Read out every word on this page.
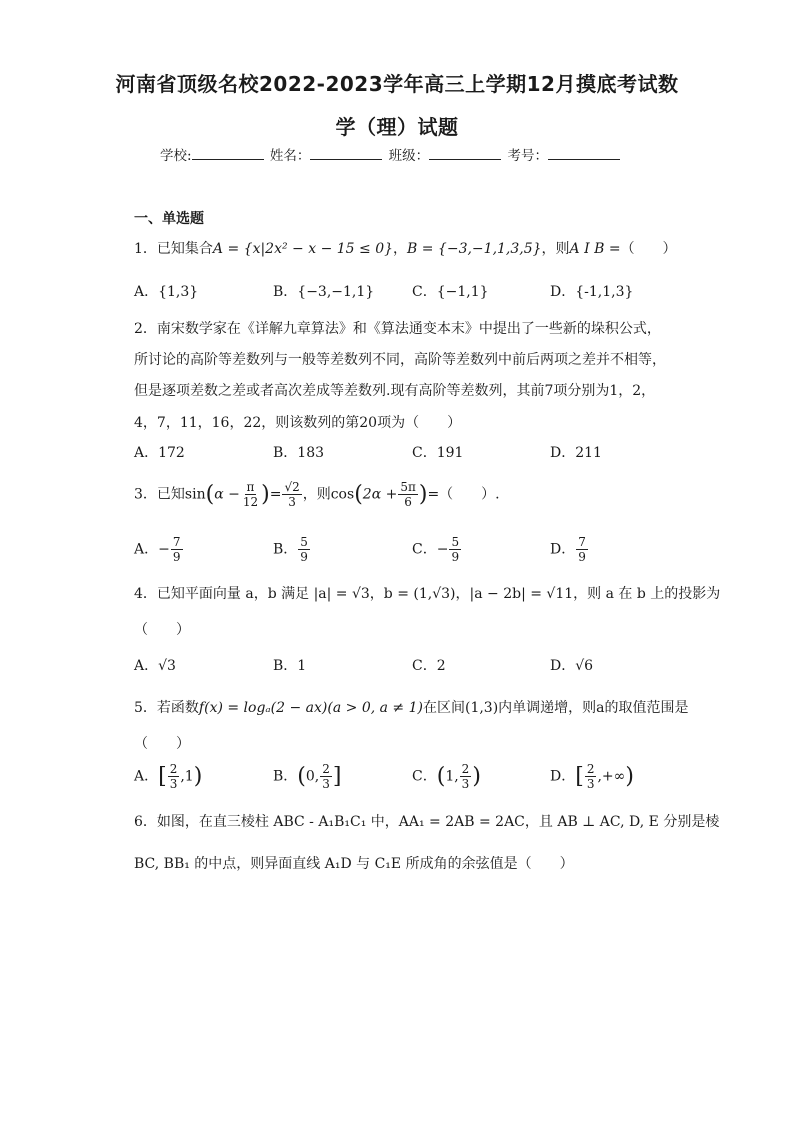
河南省顶级名校2022-2023学年高三上学期12月摸底考试数
学（理）试题
学校:	姓名：	班级：	考号：
一、单选题
1．已知集合A = {x|2x² − x − 15 ≤ 0}，B = {−3,−1,1,3,5}，则A I B =（　　）
A．{1,3}	B．{−3,−1,1}	C．{−1,1}	D．{-1,1,3}
2．南宋数学家在《详解九章算法》和《算法通变本末》中提出了一些新的垛积公式，
所讨论的高阶等差数列与一般等差数列不同，高阶等差数列中前后两项之差并不相等，
但是逐项差数之差或者高次差成等差数列.现有高阶等差数列，其前7项分别为1，2，
4，7，11，16，22，则该数列的第20项为（　　）
A．172	B．183	C．191	D．211
3．已知$\sin(\alpha - \frac{\pi}{12}$ )= $\frac{√2}{3}$ ，则$\cos(2\alpha + \frac{5\pi}{6}$ )=（　　）.
A．− $\frac{7}{9}$	B． $\frac{5}{9}$	C．− $\frac{5}{9}$	D． $\frac{7}{9}$
4．已知平面向量 a，b 满足 |a| = √3，b = (1,√3)，|a − 2b| = √11，则 a 在 b 上的投影为
（　　）
A．√3	B．1	C．2	D．√6
5．若函数f(x) = logₐ(2 − ax)(a > 0, a ≠ 1)在区间(1,3)内单调递增，则a的取值范围是
（　　）
A．[ $\frac{2}{3} ,1$)	B．(0, $\frac{2}{3}$ ]	C．(1, $\frac{2}{3}$ )	D．[ $\frac{2}{3}$ ,+∞)
6．如图，在直三棱柱 ABC - A₁B₁C₁ 中，AA₁ = 2AB = 2AC，且 AB ⊥ AC, D, E 分别是棱
BC, BB₁ 的中点，则异面直线 A₁D 与 C₁E 所成角的余弦值是（　　）
